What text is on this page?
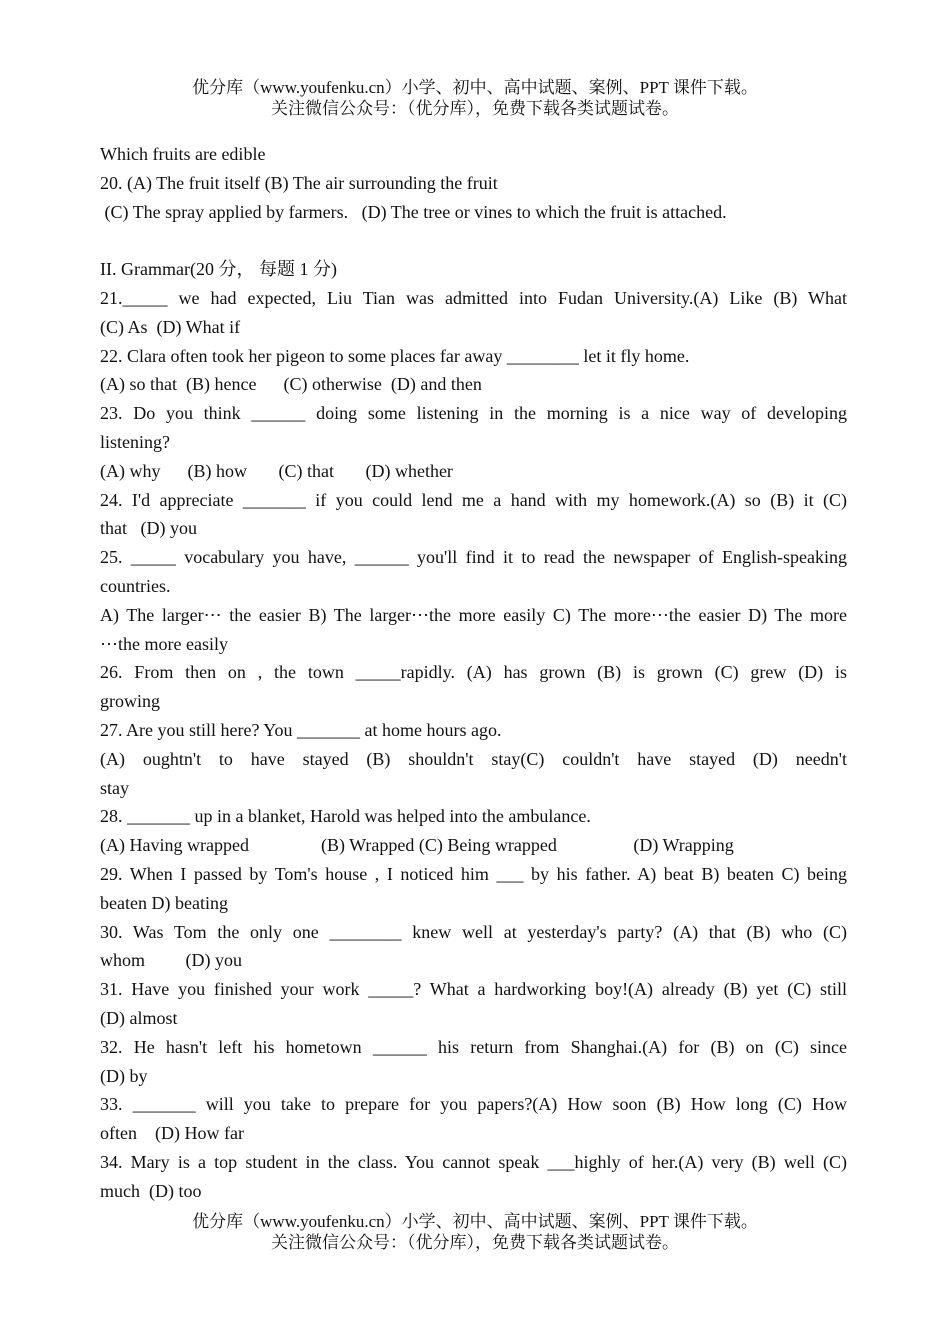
优分库（www.youfenku.cn）小学、初中、高中试题、案例、PPT 课件下载。
关注微信公众号：（优分库），免费下载各类试题试卷。
Which fruits are edible
20. (A) The fruit itself (B) The air surrounding the fruit
(C) The spray applied by farmers.   (D) The tree or vines to which the fruit is attached.
II. Grammar(20 分， 每题 1 分)
21._____ we had expected, Liu Tian was admitted into Fudan University.(A) Like (B) What
(C) As  (D) What if
22. Clara often took her pigeon to some places far away ________ let it fly home.
(A) so that  (B) hence      (C) otherwise  (D) and then
23. Do you think ______ doing some listening in the morning is a nice way of developing
listening?
(A) why      (B) how       (C) that       (D) whether
24. I'd appreciate _______ if you could lend me a hand with my homework.(A) so (B) it (C)
that   (D) you
25. _____ vocabulary you have, ______ you'll find it to read the newspaper of English-speaking
countries.
A) The larger⋯ the easier B) The larger⋯the more easily C) The more⋯the easier D) The more
⋯the more easily
26. From then on , the town _____rapidly. (A) has grown (B) is grown (C) grew (D) is
growing
27. Are you still here? You _______ at home hours ago.
(A) oughtn't to have stayed (B) shouldn't stay(C) couldn't have stayed (D) needn't
stay
28. _______ up in a blanket, Harold was helped into the ambulance.
(A) Having wrapped                (B) Wrapped (C) Being wrapped                 (D) Wrapping
29. When I passed by Tom's house , I noticed him ___ by his father. A) beat B) beaten C) being
beaten D) beating
30. Was Tom the only one ________ knew well at yesterday's party? (A) that (B) who (C)
whom         (D) you
31. Have you finished your work _____? What a hardworking boy!(A) already (B) yet (C) still
(D) almost
32. He hasn't left his hometown ______ his return from Shanghai.(A) for (B) on (C) since
(D) by
33. _______ will you take to prepare for you papers?(A) How soon (B) How long (C) How
often    (D) How far
34. Mary is a top student in the class. You cannot speak ___highly of her.(A) very (B) well (C)
much  (D) too
优分库（www.youfenku.cn）小学、初中、高中试题、案例、PPT 课件下载。
关注微信公众号：（优分库），免费下载各类试题试卷。
